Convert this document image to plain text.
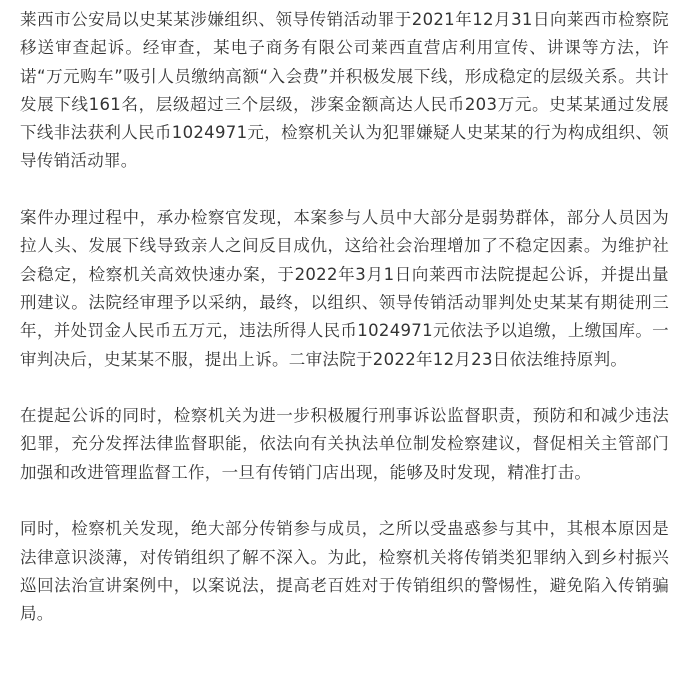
莱西市公安局以史某某涉嫌组织、领导传销活动罪于2021年12月31日向莱西市检察院移送审查起诉。经审查，某电子商务有限公司莱西直营店利用宣传、讲课等方法，许诺“万元购车”吸引人员缴纳高额“入会费”并积极发展下线，形成稳定的层级关系。共计发展下线161名，层级超过三个层级，涉案金额高达人民币203万元。史某某通过发展下线非法获利人民币1024971元，检察机关认为犯罪嫌疑人史某某的行为构成组织、领导传销活动罪。

案件办理过程中，承办检察官发现，本案参与人员中大部分是弱势群体，部分人员因为拉人头、发展下线导致亲人之间反目成仇，这给社会治理增加了不稳定因素。为维护社会稳定，检察机关高效快速办案，于2022年3月1日向莱西市法院提起公诉，并提出量刑建议。法院经审理予以采纳，最终，以组织、领导传销活动罪判处史某某有期徒刑三年，并处罚金人民币五万元，违法所得人民币1024971元依法予以追缴，上缴国库。一审判决后，史某某不服，提出上诉。二审法院于2022年12月23日依法维持原判。

在提起公诉的同时，检察机关为进一步积极履行刑事诉讼监督职责，预防和和减少违法犯罪，充分发挥法律监督职能，依法向有关执法单位制发检察建议，督促相关主管部门加强和改进管理监督工作，一旦有传销门店出现，能够及时发现，精准打击。

同时，检察机关发现，绝大部分传销参与成员，之所以受蛊惑参与其中，其根本原因是法律意识淡薄，对传销组织了解不深入。为此，检察机关将传销类犯罪纳入到乡村振兴巡回法治宣讲案例中，以案说法，提高老百姓对于传销组织的警惕性，避免陷入传销骗局。
